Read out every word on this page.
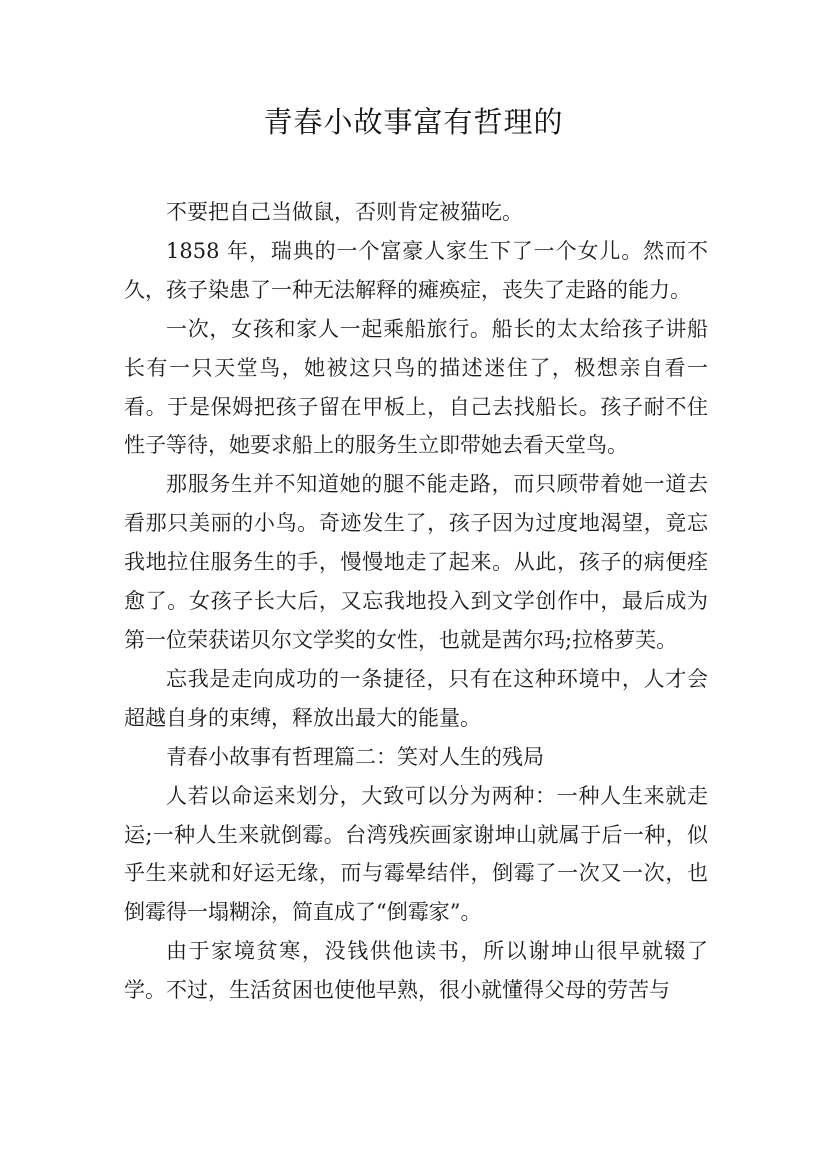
青春小故事富有哲理的

不要把自己当做鼠，否则肯定被猫吃。

1858 年，瑞典的一个富豪人家生下了一个女儿。然而不久，孩子染患了一种无法解释的瘫痪症，丧失了走路的能力。

一次，女孩和家人一起乘船旅行。船长的太太给孩子讲船长有一只天堂鸟，她被这只鸟的描述迷住了，极想亲自看一看。于是保姆把孩子留在甲板上，自己去找船长。孩子耐不住性子等待，她要求船上的服务生立即带她去看天堂鸟。

那服务生并不知道她的腿不能走路，而只顾带着她一道去看那只美丽的小鸟。奇迹发生了，孩子因为过度地渴望，竟忘我地拉住服务生的手，慢慢地走了起来。从此，孩子的病便痊愈了。女孩子长大后，又忘我地投入到文学创作中，最后成为第一位荣获诺贝尔文学奖的女性，也就是茜尔玛;拉格萝芙。

忘我是走向成功的一条捷径，只有在这种环境中，人才会超越自身的束缚，释放出最大的能量。

青春小故事有哲理篇二：笑对人生的残局

人若以命运来划分，大致可以分为两种：一种人生来就走运;一种人生来就倒霉。台湾残疾画家谢坤山就属于后一种，似乎生来就和好运无缘，而与霉晕结伴，倒霉了一次又一次，也倒霉得一塌糊涂，简直成了“倒霉家”。

由于家境贫寒，没钱供他读书，所以谢坤山很早就辍了学。不过，生活贫困也使他早熟，很小就懂得父母的劳苦与
